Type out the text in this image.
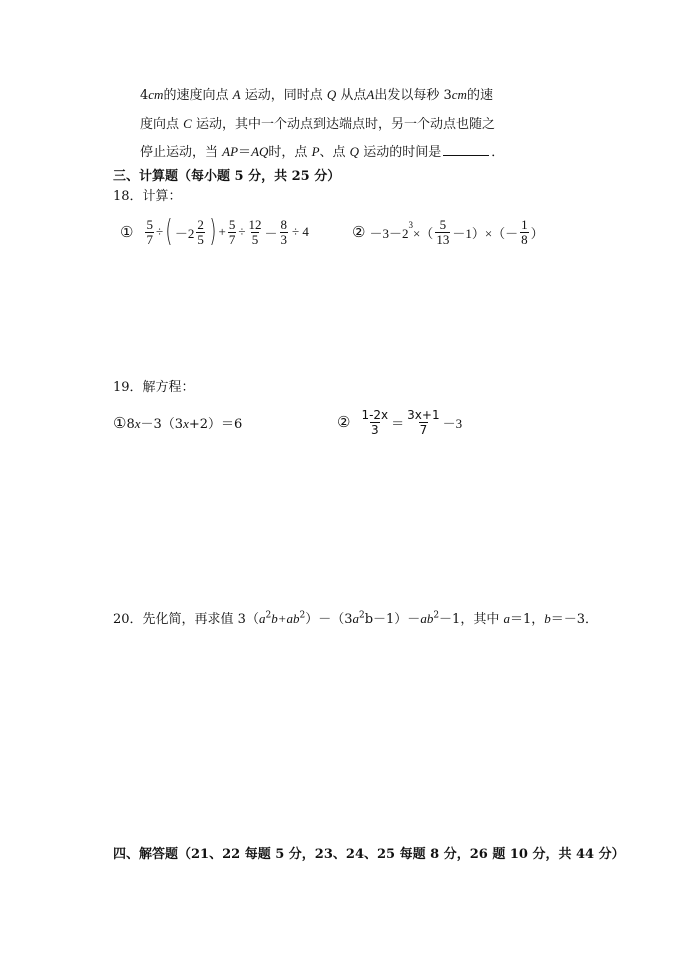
4cm的速度向点 A 运动，同时点 Q 从点A出发以每秒 3cm的速
度向点 C 运动，其中一个动点到达端点时，另一个动点也随之
停止运动，当 AP＝AQ时，点 P、点 Q 运动的时间是	．
三、计算题（每小题 5 分，共 25 分）
18．计算：
① $\frac{5}{7}$ ÷ ( $-2 \frac{2}{5}$ ) + $\frac{5}{7} \div \frac{12}{5} - \frac{8}{3} \div 4$	② －3－2
$^3$
×（ $\frac{5}{13} -1)\times(- \frac{1}{8}$ ）
19．解方程：
①8x－3（3x+2）＝6	② $\frac{1-2x}{3} = \frac{3x+1}{7} -3$
20．先化简，再求值 $3(a^2b+ab^2)-(3a^2b-1)-ab^2-1$，其中 a＝1，b＝－3．
四、解答题（21、22 每题 5 分，23、24、25 每题 8 分，26 题 10 分，共 44 分）
